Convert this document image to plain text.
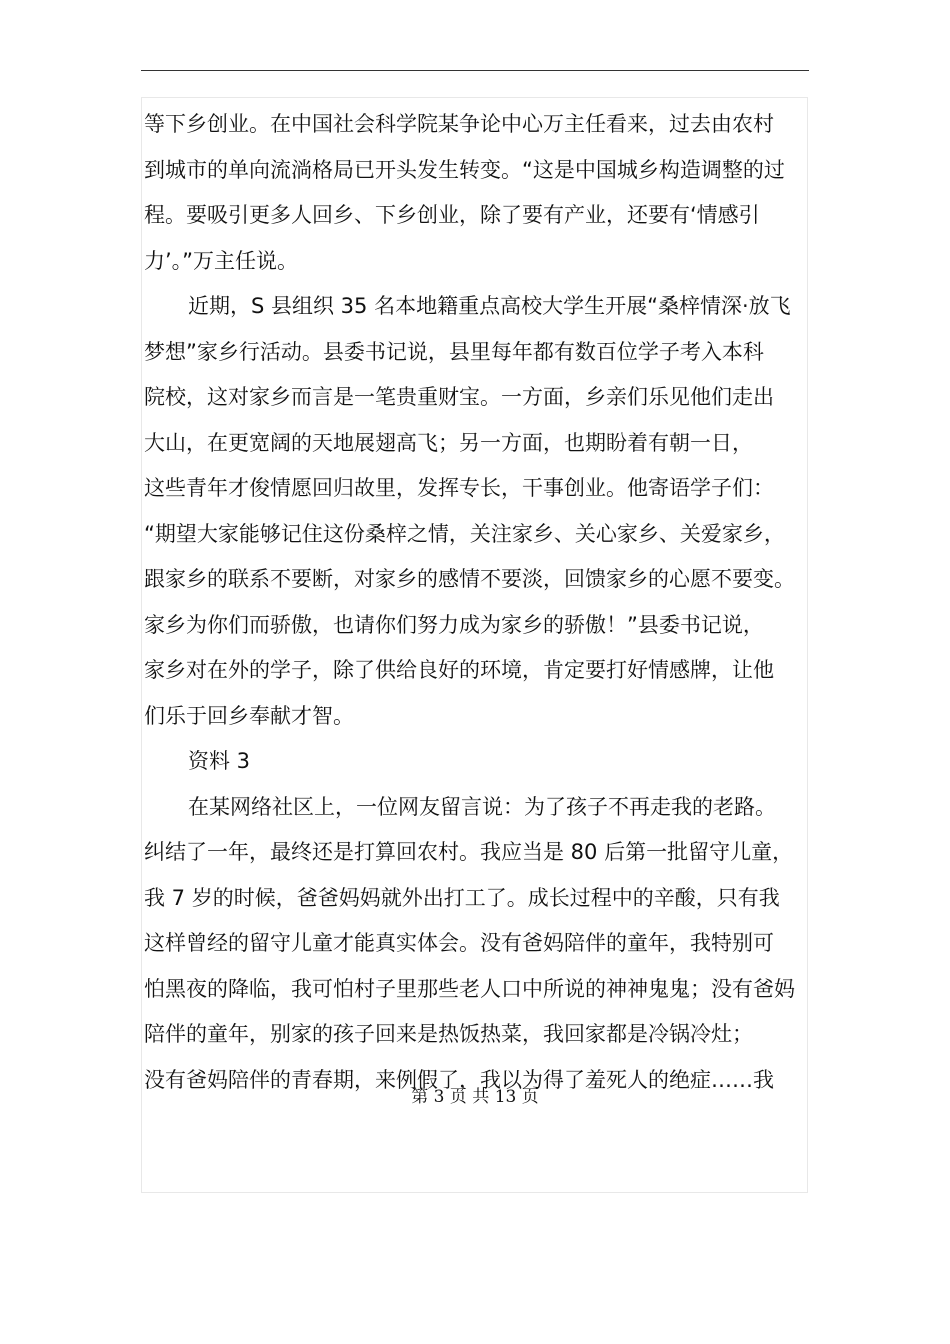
等下乡创业。在中国社会科学院某争论中心万主任看来，过去由农村
到城市的单向流淌格局已开头发生转变。“这是中国城乡构造调整的过
程。要吸引更多人回乡、下乡创业，除了要有产业，还要有‘情感引
力’。”万主任说。
近期，S 县组织 35 名本地籍重点高校大学生开展“桑梓情深·放飞
梦想”家乡行活动。县委书记说，县里每年都有数百位学子考入本科
院校，这对家乡而言是一笔贵重财宝。一方面，乡亲们乐见他们走出
大山，在更宽阔的天地展翅高飞；另一方面，也期盼着有朝一日，
这些青年才俊情愿回归故里，发挥专长，干事创业。他寄语学子们：
“期望大家能够记住这份桑梓之情，关注家乡、关心家乡、关爱家乡，
跟家乡的联系不要断，对家乡的感情不要淡，回馈家乡的心愿不要变。
家乡为你们而骄傲，也请你们努力成为家乡的骄傲！”县委书记说，
家乡对在外的学子，除了供给良好的环境，肯定要打好情感牌，让他
们乐于回乡奉献才智。
资料 3
在某网络社区上，一位网友留言说：为了孩子不再走我的老路。
纠结了一年，最终还是打算回农村。我应当是 80 后第一批留守儿童，
我 7 岁的时候，爸爸妈妈就外出打工了。成长过程中的辛酸，只有我
这样曾经的留守儿童才能真实体会。没有爸妈陪伴的童年，我特别可
怕黑夜的降临，我可怕村子里那些老人口中所说的神神鬼鬼；没有爸妈
陪伴的童年，别家的孩子回来是热饭热菜，我回家都是冷锅冷灶；
没有爸妈陪伴的青春期，来例假了，我以为得了羞死人的绝症……我
第 3 页 共 13 页
